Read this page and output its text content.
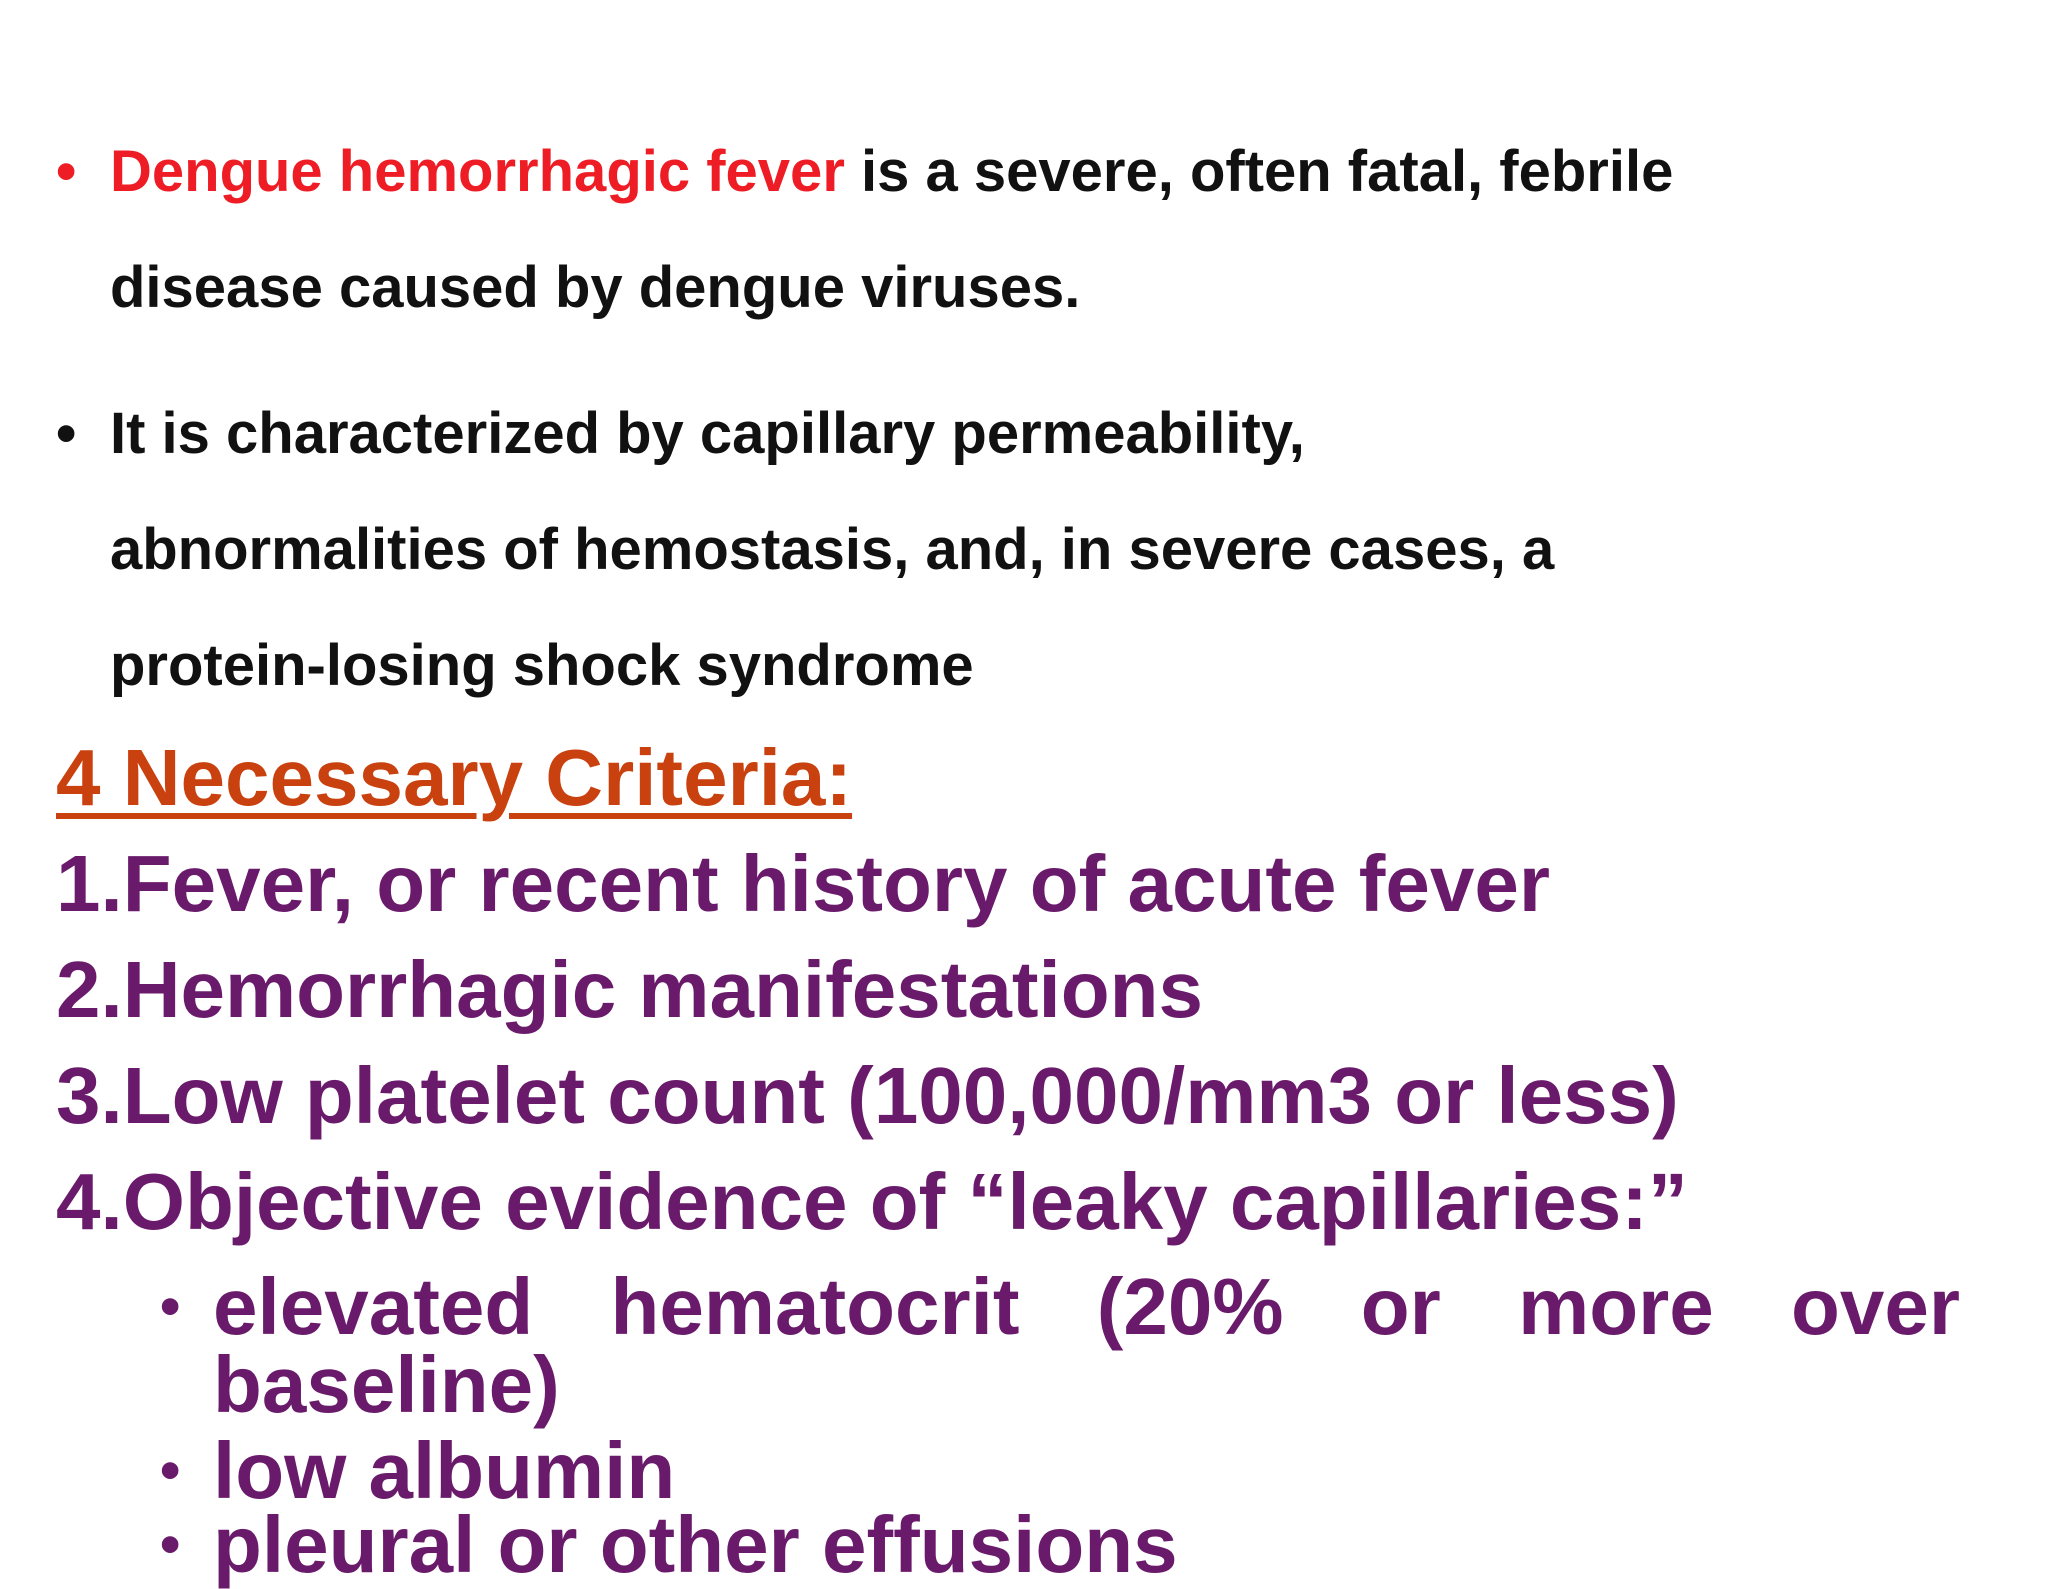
• Dengue hemorrhagic fever is a severe, often fatal, febrile
disease caused by dengue viruses.
• It is characterized by capillary permeability,
abnormalities of hemostasis, and, in severe cases, a
protein-losing shock syndrome
4 Necessary Criteria:
1.Fever, or recent history of acute fever
2.Hemorrhagic manifestations
3.Low platelet count (100,000/mm3 or less)
4.Objective evidence of “leaky capillaries:”
• elevated hematocrit (20% or more over baseline)
• low albumin
• pleural or other effusions
